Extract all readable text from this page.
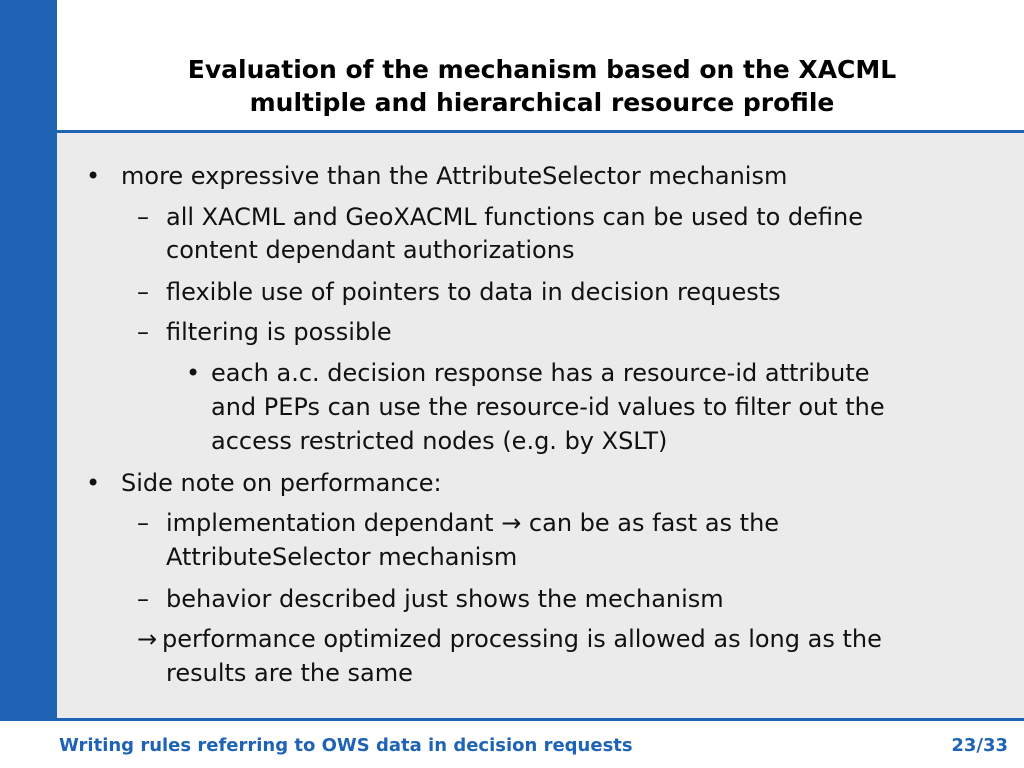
Evaluation of the mechanism based on the XACML
multiple and hierarchical resource profile
• more expressive than the AttributeSelector mechanism
– all XACML and GeoXACML functions can be used to define
content dependant authorizations
– flexible use of pointers to data in decision requests
– filtering is possible
• each a.c. decision response has a resource-id attribute
and PEPs can use the resource-id values to filter out the
access restricted nodes (e.g. by XSLT)
• Side note on performance:
– implementation dependant → can be as fast as the
AttributeSelector mechanism
– behavior described just shows the mechanism
→ performance optimized processing is allowed as long as the
results are the same
Writing rules referring to OWS data in decision requests	23/33
